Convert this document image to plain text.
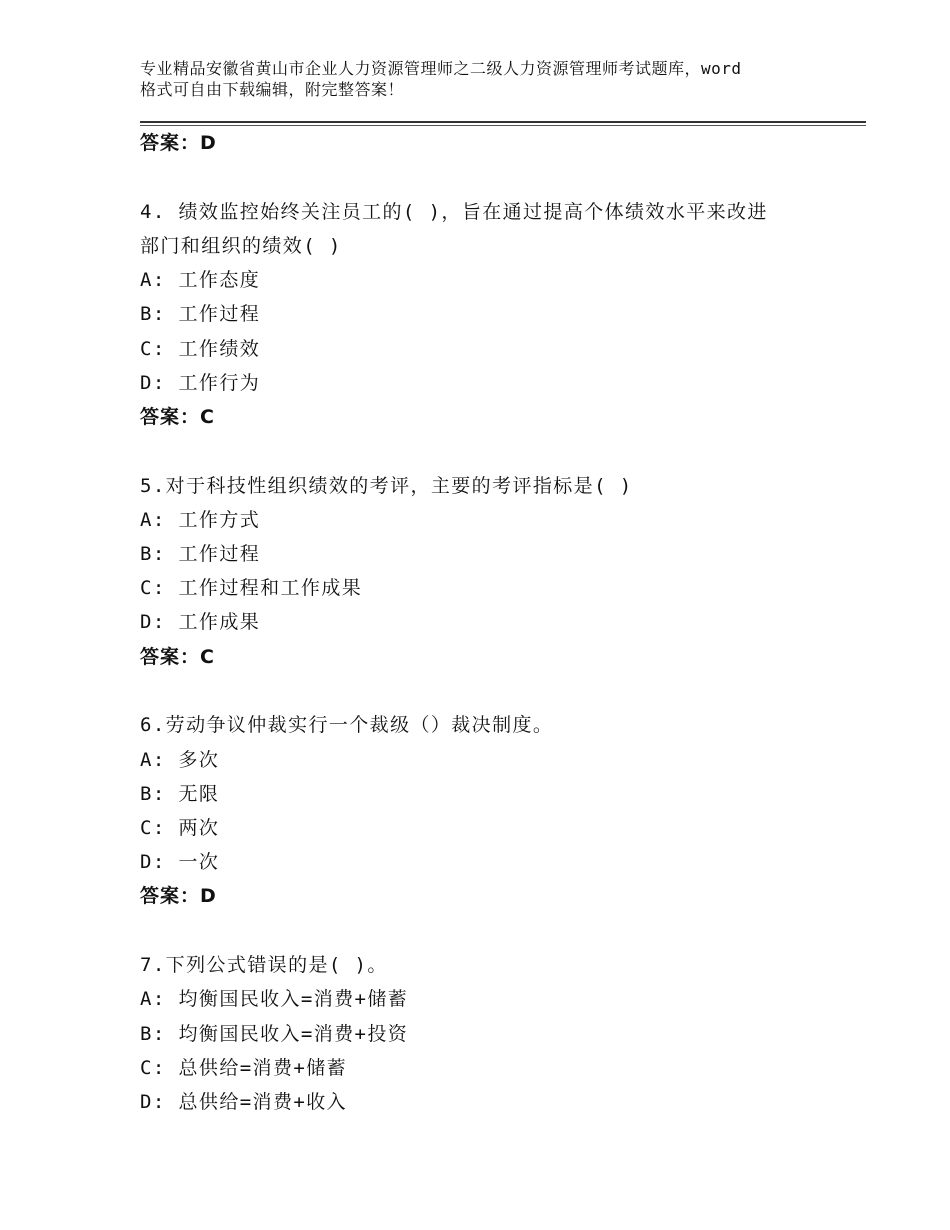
专业精品安徽省黄山市企业人力资源管理师之二级人力资源管理师考试题库，word
格式可自由下载编辑，附完整答案！
答案：D
4. 绩效监控始终关注员工的( )，旨在通过提高个体绩效水平来改进
部门和组织的绩效( )
A: 工作态度
B: 工作过程
C: 工作绩效
D: 工作行为
答案：C
5.对于科技性组织绩效的考评，主要的考评指标是( )
A: 工作方式
B: 工作过程
C: 工作过程和工作成果
D: 工作成果
答案：C
6.劳动争议仲裁实行一个裁级（）裁决制度。
A: 多次
B: 无限
C: 两次
D: 一次
答案：D
7.下列公式错误的是( )。
A: 均衡国民收入=消费+储蓄
B: 均衡国民收入=消费+投资
C: 总供给=消费+储蓄
D: 总供给=消费+收入
